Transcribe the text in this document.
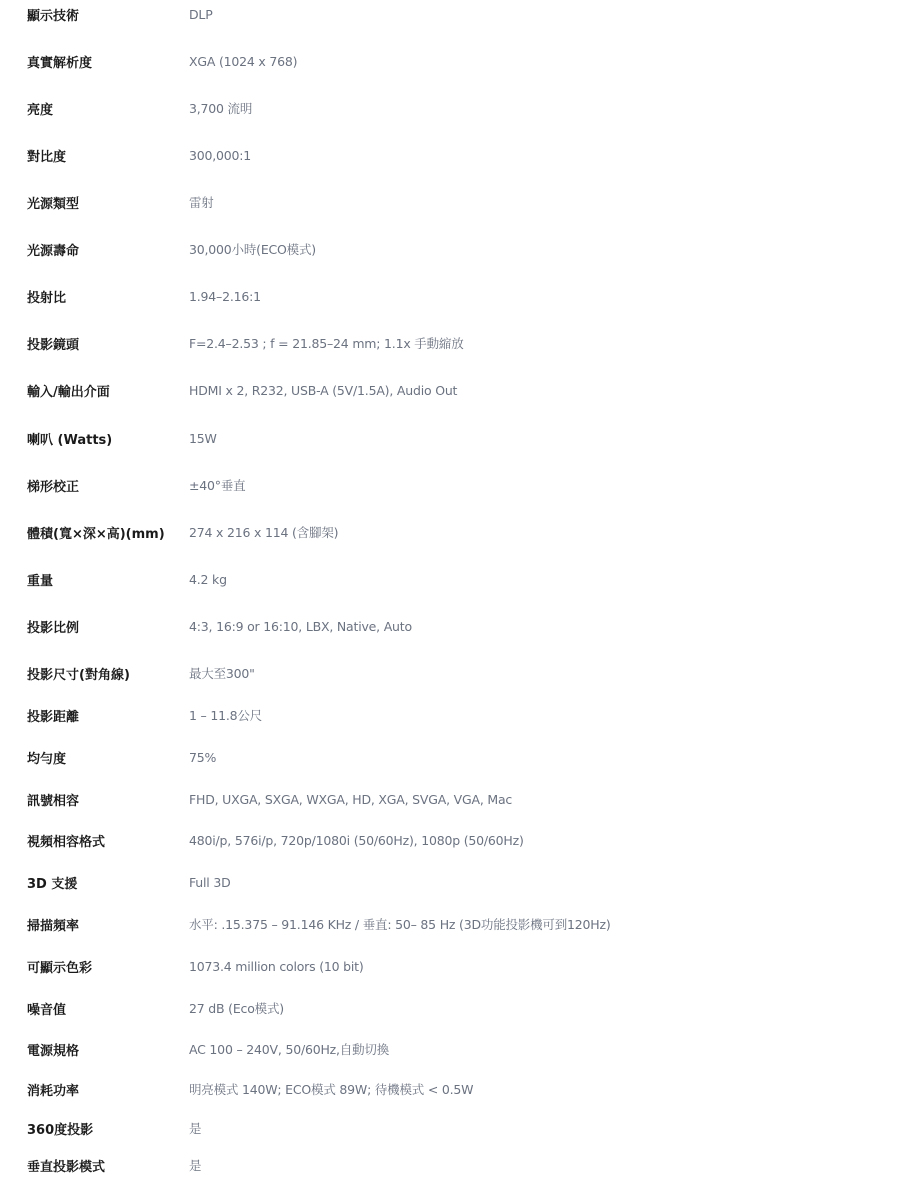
顯示技術	DLP
真實解析度	XGA (1024 x 768)
亮度	3,700 流明
對比度	300,000:1
光源類型	雷射
光源壽命	30,000小時(ECO模式)
投射比	1.94–2.16:1
投影鏡頭	F=2.4–2.53 ; f = 21.85–24 mm; 1.1x 手動縮放
輸入/輸出介面	HDMI x 2, R232, USB-A (5V/1.5A), Audio Out
喇叭 (Watts)	15W
梯形校正	±40°垂直
體積(寬×深×高)(mm) 274 x 216 x 114 (含腳架)
重量	4.2 kg
投影比例	4:3, 16:9 or 16:10, LBX, Native, Auto
投影尺寸(對角線)	最大至300"
投影距離	1 – 11.8公尺
均勻度	75%
訊號相容	FHD, UXGA, SXGA, WXGA, HD, XGA, SVGA, VGA, Mac
視頻相容格式	480i/p, 576i/p, 720p/1080i (50/60Hz), 1080p (50/60Hz)
3D 支援	Full 3D
掃描頻率	水平: .15.375 – 91.146 KHz / 垂直: 50– 85 Hz (3D功能投影機可到120Hz)
可顯示色彩	1073.4 million colors (10 bit)
噪音值	27 dB (Eco模式)
電源規格	AC 100 – 240V, 50/60Hz,自動切換
消耗功率	明亮模式 140W; ECO模式 89W; 待機模式 < 0.5W
360度投影	是
垂直投影模式	是
